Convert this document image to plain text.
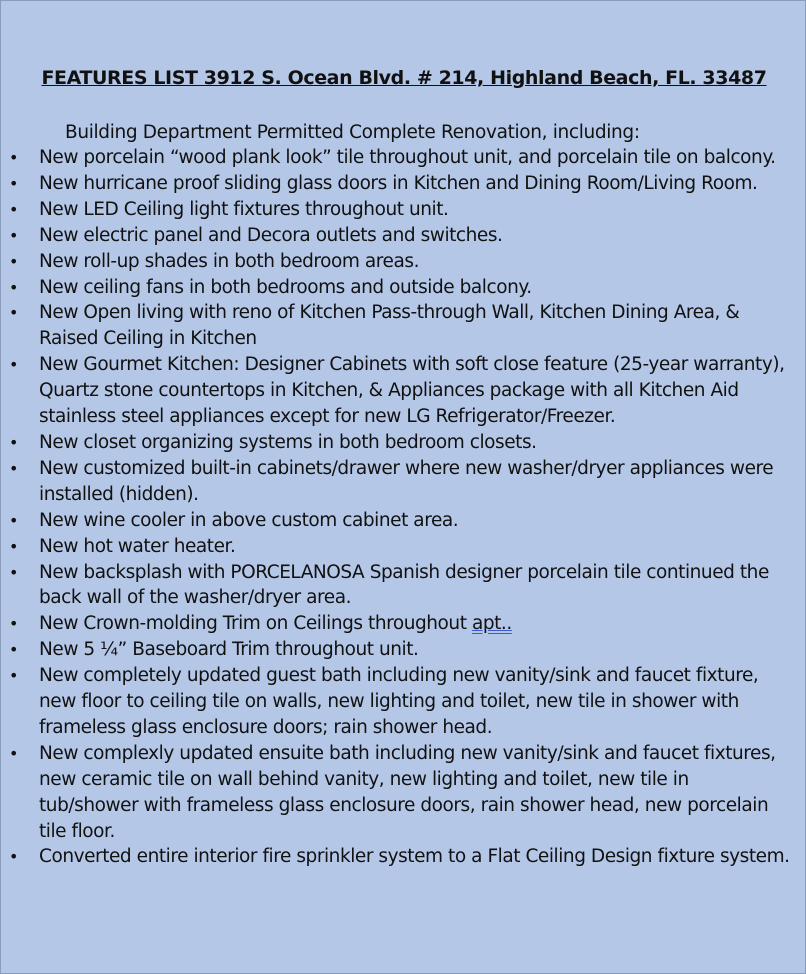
FEATURES LIST 3912 S. Ocean Blvd. # 214, Highland Beach, FL. 33487
Building Department Permitted Complete Renovation, including:
• New porcelain “wood plank look” tile throughout unit, and porcelain tile on balcony.
• New hurricane proof sliding glass doors in Kitchen and Dining Room/Living Room.
• New LED Ceiling light fixtures throughout unit.
• New electric panel and Decora outlets and switches.
• New roll-up shades in both bedroom areas.
• New ceiling fans in both bedrooms and outside balcony.
• New Open living with reno of Kitchen Pass-through Wall, Kitchen Dining Area, & Raised Ceiling in Kitchen
• New Gourmet Kitchen: Designer Cabinets with soft close feature (25-year warranty), Quartz stone countertops in Kitchen, & Appliances package with all Kitchen Aid stainless steel appliances except for new LG Refrigerator/Freezer.
• New closet organizing systems in both bedroom closets.
• New customized built-in cabinets/drawer where new washer/dryer appliances were installed (hidden).
• New wine cooler in above custom cabinet area.
• New hot water heater.
• New backsplash with PORCELANOSA Spanish designer porcelain tile continued the back wall of the washer/dryer area.
• New Crown-molding Trim on Ceilings throughout apt..
• New 5 ¼” Baseboard Trim throughout unit.
• New completely updated guest bath including new vanity/sink and faucet fixture, new floor to ceiling tile on walls, new lighting and toilet, new tile in shower with frameless glass enclosure doors; rain shower head.
• New complexly updated ensuite bath including new vanity/sink and faucet fixtures, new ceramic tile on wall behind vanity, new lighting and toilet, new tile in tub/shower with frameless glass enclosure doors, rain shower head, new porcelain tile floor.
• Converted entire interior fire sprinkler system to a Flat Ceiling Design fixture system.
